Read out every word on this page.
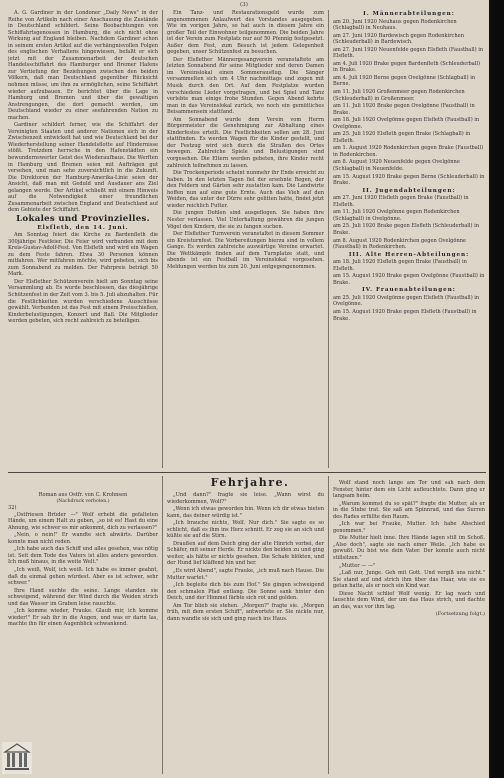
(3)

A. G. Gardiner in der Londoner „Daily News" in der Reihe von Artikeln nach einer Anschauung die Zustände in Deutschland schildert. Seine Beobachtungen von Schiffahrtsgenossen in Hamburg, die sich nicht ohne Wirkung auf England bleiben. Nachdem Gardiner schon in seinem ersten Artikel auf die verhängnisvollen Folgen des englischen Verhaltens hingewiesen, befaßt er sich jetzt mit der Zusammenarbeit der deutschen Handelsschiffahrt des Hamburger und Bremer Hafens zur Vertiefung der Beziehungen zwischen den beiden Völkern, daß man Deutschland gegenüber Rücksicht nehmen müsse, um ihm zu ermöglichen, seine Schiffahrt wieder aufzubauen. Er berichtet über die Lage in Hamburg und Bremen und über die gewaltigen Anstrengungen, die dort gemacht werden, um Deutschland wieder zu einer seefahrenden Nation zu machen.

Gardiner schildert ferner, wie die Schiffahrt der Vereinigten Staaten und anderer Nationen sich in der Zwischenzeit entwickelt hat und wie Deutschland bei der Wiederherstellung seiner Handelsflotte auf Hindernisse stößt. Trotzdem herrsche in den Hafenstädten ein bewundernswerter Geist des Wiederaufbaus. Die Werften in Hamburg und Bremen seien mit Aufträgen gut versehen, und man sehe zuversichtlich in die Zukunft. Die Direktoren der Hamburg-Amerika-Linie seien der Ansicht, daß man mit Geduld und Ausdauer ans Ziel gelangen werde. Der Artikel schließt mit einem Hinweis auf die Notwendigkeit einer freundlichen Zusammenarbeit zwischen England und Deutschland auf dem Gebiete der Schiffahrt.

Lokales und Provinzielles.
Elsfleth, den 14. Juni.

Am Sonntag feiert die Kirche zu Bardenfleth die 300jährige Festfeier. Die Feier wird verbunden mit dem Kreis-Gustav-Adolf-Fest. Von Elsfleth und wird ein Wagen zu dem Feste fahren. Etwa 30 Personen können mitfahren. Wer mitfahren möchte, wird gebeten, sich bis zum Sonnabend zu melden. Der Fahrpreis beträgt 50 Mark.

Der Elsflether Schützenverein hielt am Sonntag seine Versammlung ab. Es wurde beschlossen, das diesjährige Schützenfest in der Zeit vom 3. bis 5. Juli abzuhalten. Für die Festlichkeiten wurden verschiedene Ausschüsse gewählt. Verbunden ist das Fest mit einem Preisschießen, Kinderbelustigungen, Konzert und Ball. Die Mitglieder werden gebeten, sich recht zahlreich zu beteiligen.

Ein Tanz- und Restaurationsgeld wurde zum angenommenen Anlaufwert des Vorstandes ausgegeben. Wie im vorigen Jahre, so hat auch in diesem Jahre ein großer Teil der Einwohner teilgenommen. Die beiden Jahre ist der Verein zum Festplatz nur auf 50 Pfennig festgesetzt. Außer dem Fest, zum Besuch ist jedem Gelegenheit gegeben, unser Schützenfest zu besuchen.

Der Elsflether Männergesangverein veranstaltete am letzten Sonnabend für seine Mitglieder und deren Damen im Vereinslokal einen Sommerausflug. Die Sänger versammelten sich um 4 Uhr nachmittags und zogen mit Musik durch den Ort. Auf dem Festplatze wurden verschiedene Lieder vorgetragen, und bei Spiel und Tanz verlebte man einige frohe Stunden. Gegen Abend kehrte man in das Vereinslokal zurück, wo noch ein gemütliches Beisammensein stattfand.

Am Sonnabend wurde dem Verein vom Herrn Bürgermeister die Genehmigung zur Abhaltung eines Kinderfestes erteilt. Die Festlichkeiten sollen am 28. Juni stattfinden. Es werden Wagen für die Kinder gestellt, und der Festzug wird sich durch die Straßen des Ortes bewegen. Zahlreiche Spiele und Belustigungen sind vorgesehen. Die Eltern werden gebeten, ihre Kinder recht zahlreich teilnehmen zu lassen.

Die Trockenperiode scheint nunmehr ihr Ende erreicht zu haben. In den letzten Tagen fiel der ersehnte Regen, der den Feldern und Gärten sehr zustatten kam. Die Landwirte hoffen nun auf eine gute Ernte. Auch das Vieh auf den Weiden, das unter der Dürre sehr gelitten hatte, findet jetzt wieder reichlich Futter.

Die jungen Dohlen sind ausgeflogen. Sie haben ihre Nester verlassen. Viel Unterhaltung gewähren die jungen Vögel den Kindern, die sie zu fangen suchen.

Der Elsflether Turnverein veranstaltet in diesem Sommer ein Kreisturnfest. Die Vorbereitungen hierzu sind in vollem Gange. Es werden zahlreiche auswärtige Vereine erwartet. Die Wettkämpfe finden auf dem Turnplatze statt, und abends ist ein Festball im Vereinslokal vorgesehen. Meldungen werden bis zum 20. Juni entgegengenommen.

I. Männerabteilungen:
am 20. Juni 1920 Neuhaus gegen Rodenkirchen (Schlagball) in Neuhaus.
am 27. Juni 1920 Bardewisch gegen Rodenkirchen (Schleuderball) in Bardewisch.
am 27. Juni 1920 Neuenfelde gegen Elsfleth (Faustball) in Elsfleth.
am 4. Juli 1920 Brake gegen Bardenfleth (Schleuderball) in Brake.
am 4. Juli 1920 Berne gegen Ovelgönne (Schlagball) in Berne.
am 11. Juli 1920 Großenmeer gegen Rodenkirchen (Schleuderball) in Großenmeer.
am 11. Juli 1920 Brake gegen Ovelgönne (Faustball) in Brake.
am 18. Juli 1920 Ovelgönne gegen Elsfleth (Faustball) in Ovelgönne.
am 25. Juli 1920 Elsfleth gegen Brake (Schlagball) in Elsfleth.
am 1. August 1920 Rodenkirchen gegen Brake (Faustball) in Rodenkirchen.
am 8. August 1920 Neuenfelde gegen Ovelgönne (Schlagball) in Neuenfelde.
am 15. August 1920 Brake gegen Berne (Schleuderball) in Brake.
II. Jugendabteilungen:
am 27. Juni 1920 Elsfleth gegen Brake (Faustball) in Elsfleth.
am 11. Juli 1920 Ovelgönne gegen Rodenkirchen (Schlagball) in Ovelgönne.
am 25. Juli 1920 Brake gegen Elsfleth (Schleuderball) in Brake.
am 8. August 1920 Rodenkirchen gegen Ovelgönne (Faustball) in Rodenkirchen.
III. Alte Herren-Abteilungen:
am 18. Juli 1920 Elsfleth gegen Brake (Faustball) in Elsfleth.
am 15. August 1920 Brake gegen Ovelgönne (Faustball) in Brake.
IV. Frauenabteilungen:
am 25. Juli 1920 Ovelgönne gegen Elsfleth (Faustball) in Ovelgönne.
am 15. August 1920 Brake gegen Elsfleth (Faustball) in Brake.
Fehrjahre.
Roman aus Ostfr. von C. Krohnsen
(Nachdruck verboten.)
32)

„Ostfriesen Brüder —" Wolf erhebt die gefalteten Hände, um einem Halt zu geben, „so ist es! Hast du eine Ahnung, wie schwer es mir ankommt, dich zu verlassen?"

„Nein, o nein!" Er wandte sich abwärts. Darüber konnte man nicht reden.

„Ich habe auch das Schiff und alles gesehen, was nötig ist. Seit dem Tode des Vaters ist alles anders geworden. Ich muß hinaus, in die weite Welt."

„Ich weiß, Wolf, ich weiß. Ich habe es immer geahnt, daß du einmal gehen würdest. Aber es ist schwer, sehr schwer."

Ihre Hand suchte die seine. Lange standen sie schweigend, während der Wind durch die Weiden strich und das Wasser im Graben leise rauschte.

„Ich komme wieder, Frauke. Glaub mir, ich komme wieder!" Er sah ihr in die Augen, und was er darin las, machte ihn für einen Augenblick schwankend.

„Und dann?" fragte sie leise. „Wann wirst du wiederkommen, Wolf?"

„Wenn ich etwas geworden bin. Wenn ich dir etwas bieten kann, das deiner würdig ist."

„Ich brauche nichts, Wolf. Nur dich." Sie sagte es so schlicht, daß es ihm ins Herz schnitt. Er zog sie an sich und küßte sie auf die Stirn.

Draußen auf dem Deich ging der alte Hinrich vorbei, der Schäfer, mit seiner Herde. Er nickte den beiden zu und ging weiter, als hätte er nichts gesehen. Die Schafe blökten, und der Hund lief kläffend hin und her.

„Es wird Abend", sagte Frauke, „ich muß nach Hause. Die Mutter wartet."

„Ich begleite dich bis zum Hof." Sie gingen schweigend den schmalen Pfad entlang. Die Sonne sank hinter den Deich, und der Himmel färbte sich rot und golden.

Am Tor blieb sie stehen. „Morgen?" fragte sie. „Morgen früh, mit dem ersten Schiff", antwortete er. Sie nickte nur, dann wandte sie sich und ging rasch ins Haus.

Wolf stand noch lange am Tor und sah nach dem Fenster, hinter dem ein Licht aufleuchtete. Dann ging er langsam heim.

„Warum kommst du so spät?" fragte die Mutter, als er in die Stube trat. Sie saß am Spinnrad, und das Surren des Rades erfüllte den Raum.

„Ich war bei Frauke, Mutter. Ich habe Abschied genommen."

Die Mutter hielt inne. Ihre Hände lagen still im Schoß. „Also doch", sagte sie nach einer Weile. „Ich habe es gewußt. Du bist wie dein Vater. Der konnte auch nicht stillsitzen."

„Mutter — —"

„Laß nur, Junge. Geh mit Gott. Und vergiß uns nicht." Sie stand auf und strich ihm über das Haar, wie sie es getan hatte, als er noch ein Kind war.

Diese Nacht schlief Wolf wenig. Er lag wach und lauschte dem Wind, der um das Haus strich, und dachte an das, was vor ihm lag.

(Fortsetzung folgt.)
